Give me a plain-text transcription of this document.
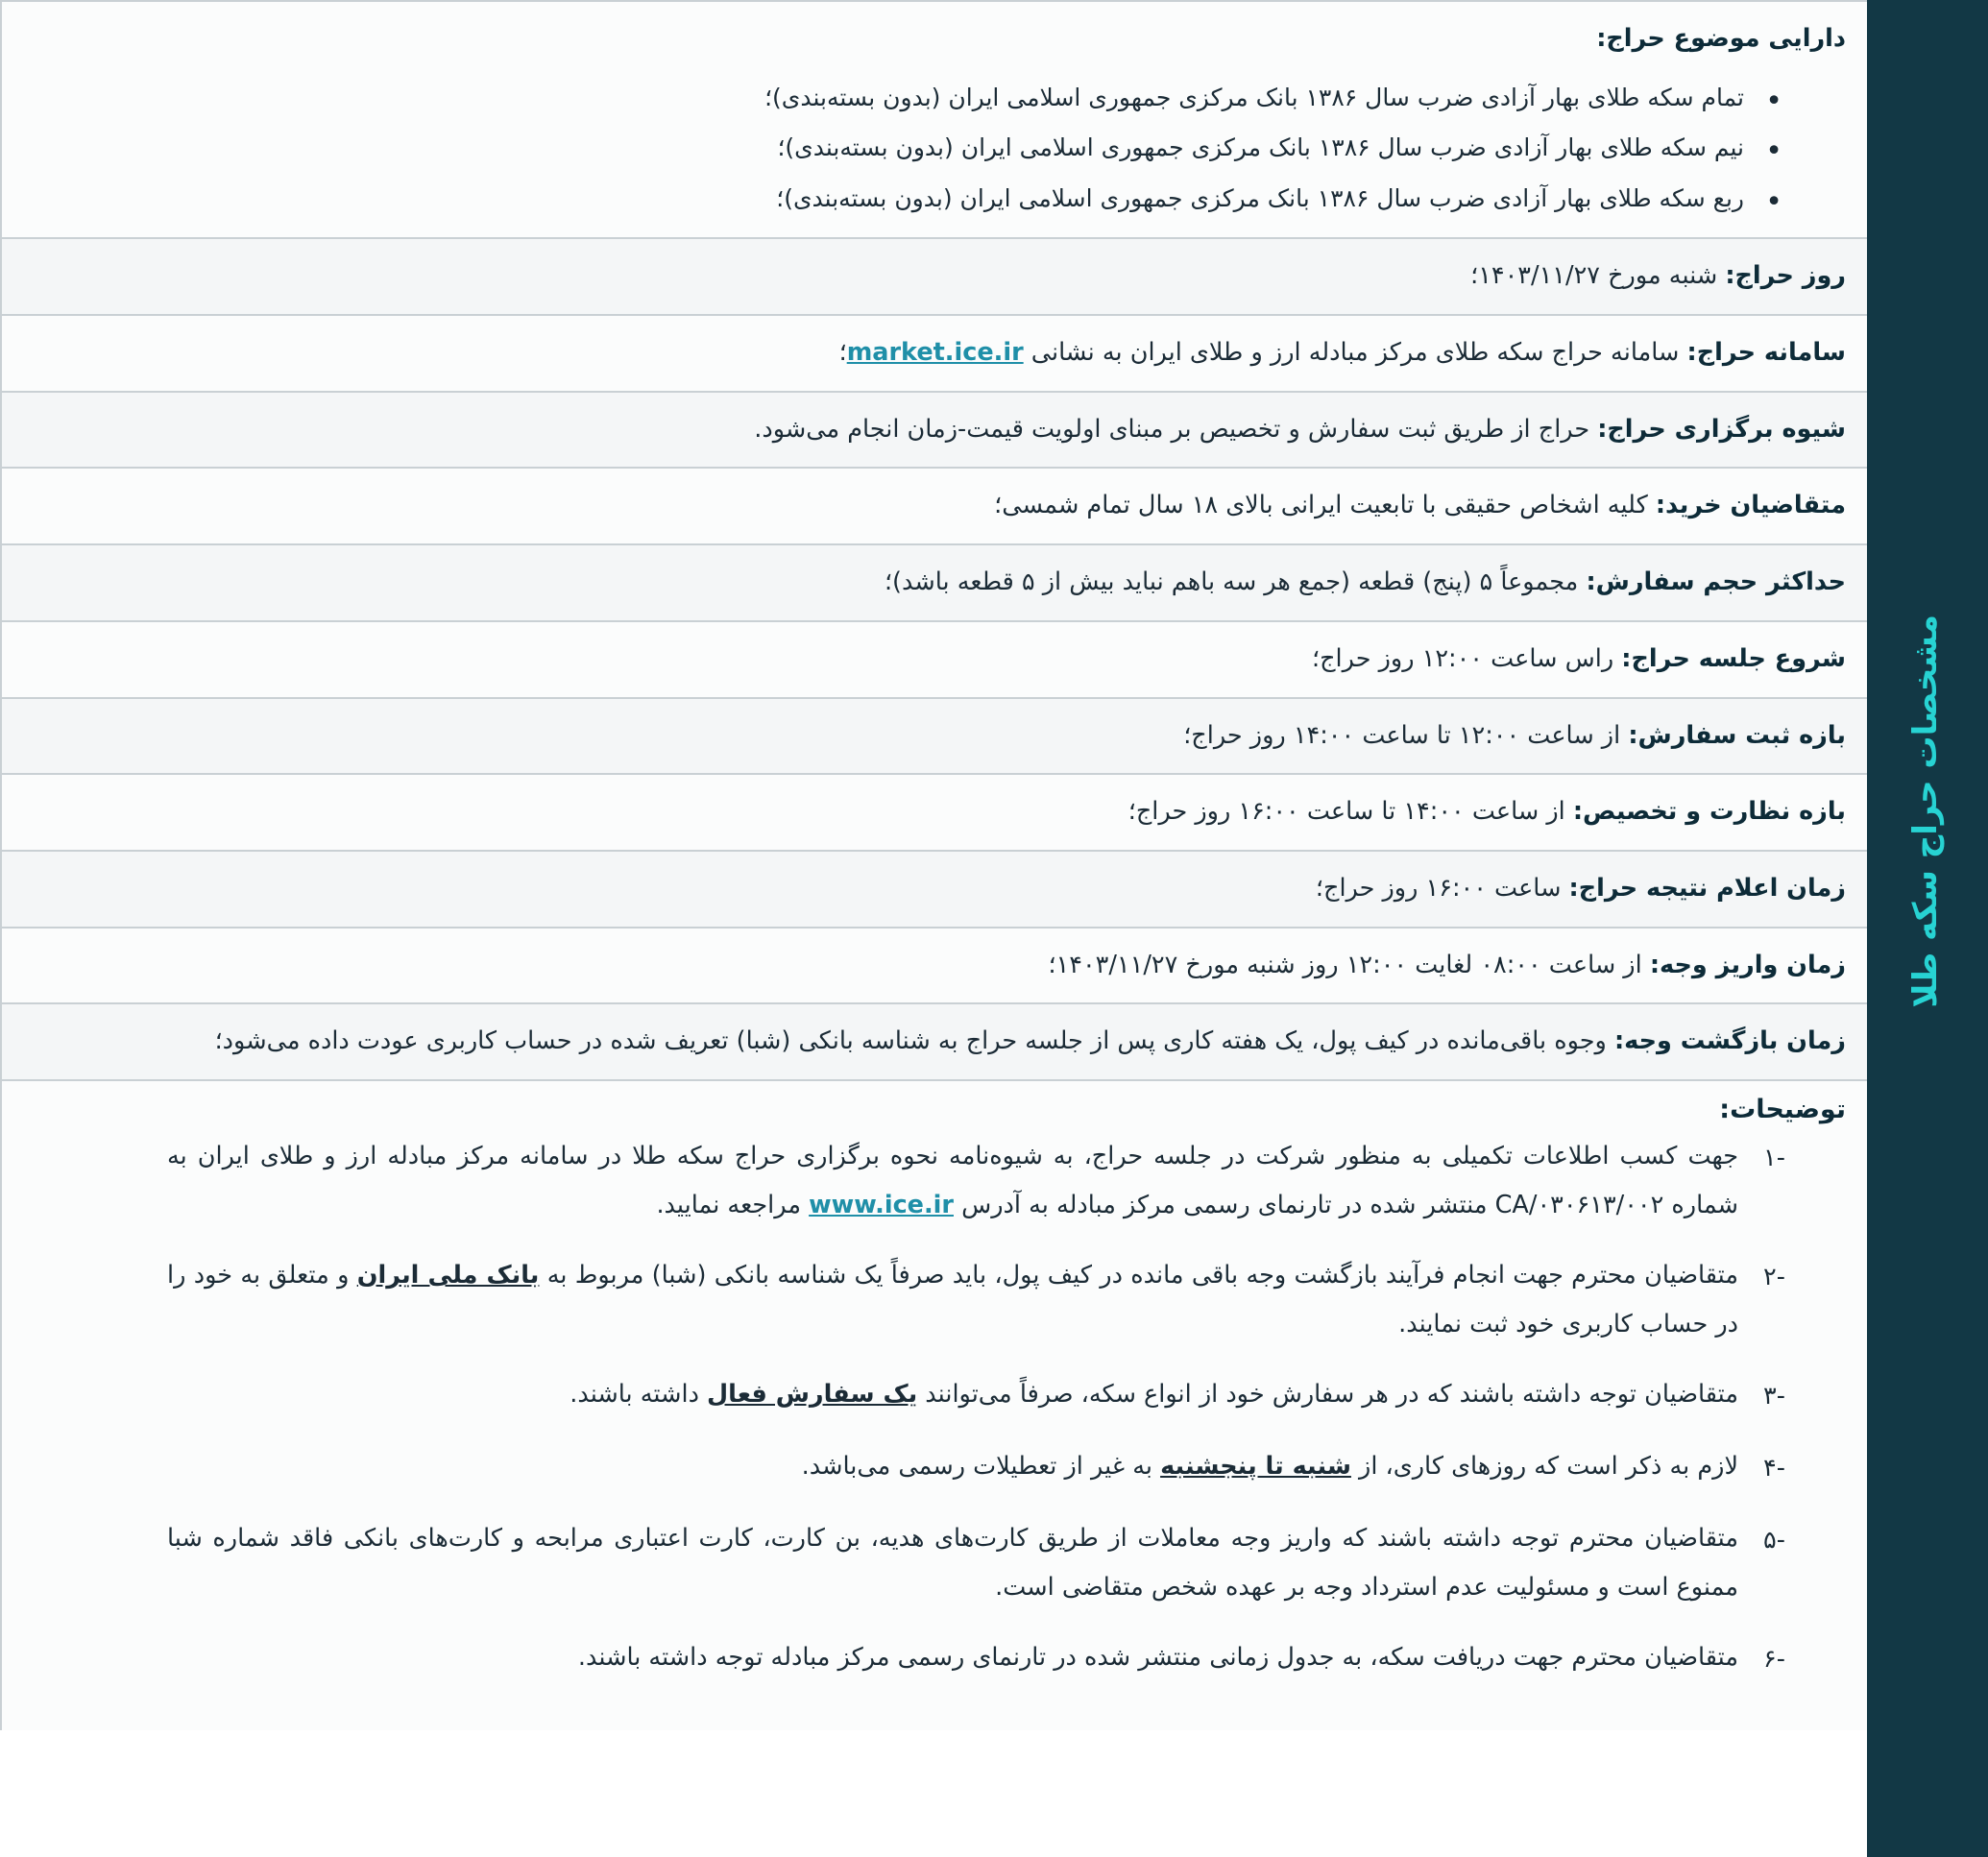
مشخصات حراج سکه طلا
دارایی موضوع حراج:
• تمام سکه طلای بهار آزادی ضرب سال ۱۳۸۶ بانک مرکزی جمهوری اسلامی ایران (بدون بسته‌بندی)؛
• نیم سکه طلای بهار آزادی ضرب سال ۱۳۸۶ بانک مرکزی جمهوری اسلامی ایران (بدون بسته‌بندی)؛
• ربع سکه طلای بهار آزادی ضرب سال ۱۳۸۶ بانک مرکزی جمهوری اسلامی ایران (بدون بسته‌بندی)؛
روز حراج: شنبه مورخ ۱۴۰۳/۱۱/۲۷؛
سامانه حراج: سامانه حراج سکه طلای مرکز مبادله ارز و طلای ایران به نشانی market.ice.ir؛
شیوه برگزاری حراج: حراج از طریق ثبت سفارش و تخصیص بر مبنای اولویت قیمت-زمان انجام می‌شود.
متقاضیان خرید: کلیه اشخاص حقیقی با تابعیت ایرانی بالای ۱۸ سال تمام شمسی؛
حداکثر حجم سفارش: مجموعاً ۵ (پنج) قطعه (جمع هر سه باهم نباید بیش از ۵ قطعه باشد)؛
شروع جلسه حراج: راس ساعت ۱۲:۰۰ روز حراج؛
بازه ثبت سفارش: از ساعت ۱۲:۰۰ تا ساعت ۱۴:۰۰ روز حراج؛
بازه نظارت و تخصیص: از ساعت ۱۴:۰۰ تا ساعت ۱۶:۰۰ روز حراج؛
زمان اعلام نتیجه حراج: ساعت ۱۶:۰۰ روز حراج؛
زمان واریز وجه: از ساعت ۰۸:۰۰ لغایت ۱۲:۰۰ روز شنبه مورخ ۱۴۰۳/۱۱/۲۷؛
زمان بازگشت وجه: وجوه باقی‌مانده در کیف پول، یک هفته کاری پس از جلسه حراج به شناسه بانکی (شبا) تعریف شده در حساب کاربری عودت داده می‌شود؛
توضیحات:
۱-
جهت کسب اطلاعات تکمیلی به منظور شرکت در جلسه حراج، به شیوه‌نامه نحوه برگزاری حراج سکه طلا در سامانه مرکز مبادله ارز و طلای ایران به شماره CA/۰۳۰۶۱۳/۰۰۲ منتشر شده در تارنمای رسمی مرکز مبادله به آدرس www.ice.ir مراجعه نمایید.
۲-
متقاضیان محترم جهت انجام فرآیند بازگشت وجه باقی مانده در کیف پول، باید صرفاً یک شناسه بانکی (شبا) مربوط به بانک ملی ایران و متعلق به خود را در حساب کاربری خود ثبت نمایند.
۳-
متقاضیان توجه داشته باشند که در هر سفارش خود از انواع سکه، صرفاً می‌توانند یک سفارش فعال داشته باشند.
۴-
لازم به ذکر است که روزهای کاری، از شنبه تا پنجشنبه به غیر از تعطیلات رسمی می‌باشد.
۵-
متقاضیان محترم توجه داشته باشند که واریز وجه معاملات از طریق کارت‌های هدیه، بن کارت، کارت اعتباری مرابحه و کارت‌های بانکی فاقد شماره شبا ممنوع است و مسئولیت عدم استرداد وجه بر عهده شخص متقاضی است.
۶-
متقاضیان محترم جهت دریافت سکه، به جدول زمانی منتشر شده در تارنمای رسمی مرکز مبادله توجه داشته باشند.
